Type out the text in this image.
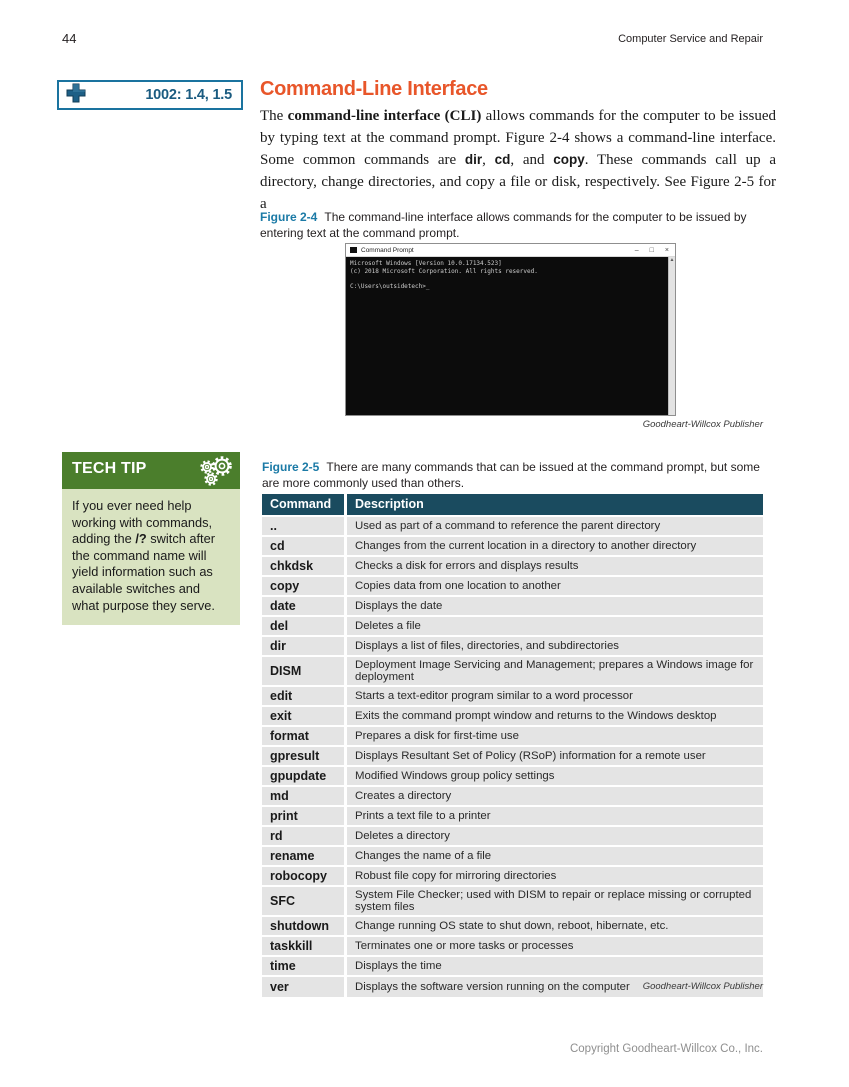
44	Computer Service and Repair
1002: 1.4, 1.5	Command-Line Interface

The command-line interface (CLI) allows commands for the computer to be issued by typing text at the command prompt. Figure 2-4 shows a command-line interface. Some common commands are dir, cd, and copy. These commands call up a directory, change directories, and copy a file or disk, respectively. See Figure 2-5 for a

Figure 2-4 The command-line interface allows commands for the computer to be issued by entering text at the command prompt.
Command Prompt	– □ ×
Microsoft Windows [Version 10.0.17134.523]
(c) 2018 Microsoft Corporation. All rights reserved.

C:\Users\outsidetech>_
▲
Goodheart-Willcox Publisher
TECH TIP
If you ever need help working with commands, adding the /? switch after the command name will yield information such as available switches and what purpose they serve.
Figure 2-5 There are many commands that can be issued at the command prompt, but some are more commonly used than others.
Command	Description
..	Used as part of a command to reference the parent directory
cd	Changes from the current location in a directory to another directory
chkdsk	Checks a disk for errors and displays results
copy	Copies data from one location to another
date	Displays the date
del	Deletes a file
dir	Displays a list of files, directories, and subdirectories
DISM	Deployment Image Servicing and Management; prepares a Windows image for deployment
edit	Starts a text-editor program similar to a word processor
exit	Exits the command prompt window and returns to the Windows desktop
format	Prepares a disk for first-time use
gpresult	Displays Resultant Set of Policy (RSoP) information for a remote user
gpupdate	Modified Windows group policy settings
md	Creates a directory
print	Prints a text file to a printer
rd	Deletes a directory
rename	Changes the name of a file
robocopy	Robust file copy for mirroring directories
SFC	System File Checker; used with DISM to repair or replace missing or corrupted system files
shutdown	Change running OS state to shut down, reboot, hibernate, etc.
taskkill	Terminates one or more tasks or processes
time	Displays the time
ver	Displays the software version running on the computer Goodheart-Willcox Publisher
Copyright Goodheart-Willcox Co., Inc.
